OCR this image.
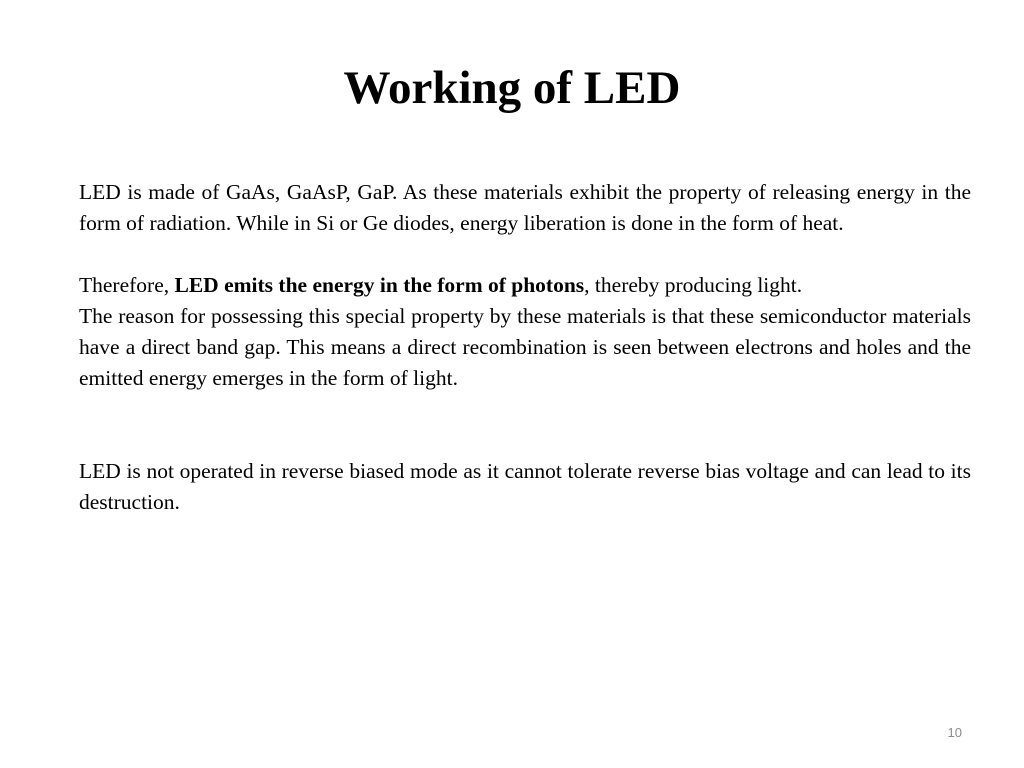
Working of LED

LED is made of GaAs, GaAsP, GaP. As these materials exhibit the property of releasing energy in the form of radiation. While in Si or Ge diodes, energy liberation is done in the form of heat.

Therefore, LED emits the energy in the form of photons, thereby producing light.

The reason for possessing this special property by these materials is that these semiconductor materials have a direct band gap. This means a direct recombination is seen between electrons and holes and the emitted energy emerges in the form of light.

LED is not operated in reverse biased mode as it cannot tolerate reverse bias voltage and can lead to its destruction.

10
